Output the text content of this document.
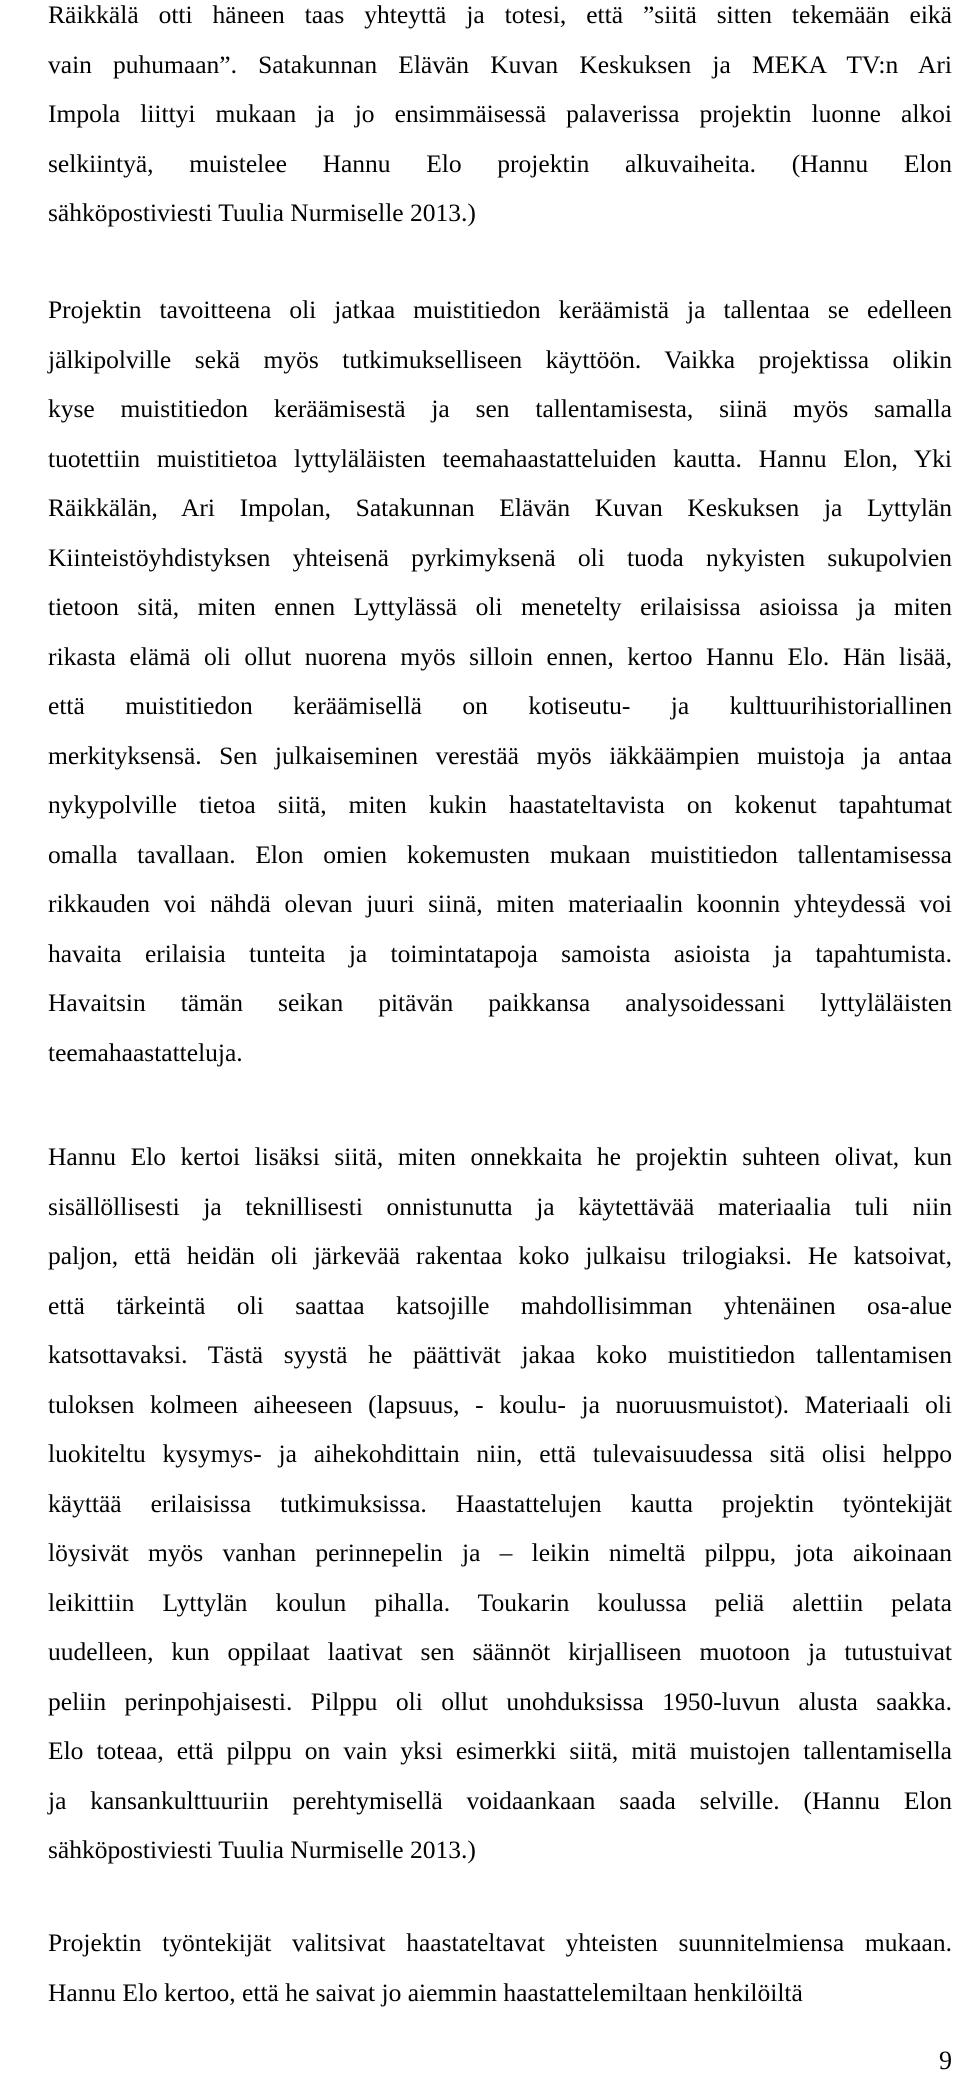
Räikkälä otti häneen taas yhteyttä ja totesi, että ”siitä sitten tekemään eikä
vain puhumaan”. Satakunnan Elävän Kuvan Keskuksen ja MEKA TV:n Ari
Impola liittyi mukaan ja jo ensimmäisessä palaverissa projektin luonne alkoi
selkiintyä, muistelee Hannu Elo projektin alkuvaiheita. (Hannu Elon
sähköpostiviesti Tuulia Nurmiselle 2013.)
Projektin tavoitteena oli jatkaa muistitiedon keräämistä ja tallentaa se edelleen
jälkipolville sekä myös tutkimukselliseen käyttöön. Vaikka projektissa olikin
kyse muistitiedon keräämisestä ja sen tallentamisesta, siinä myös samalla
tuotettiin muistitietoa lyttyläläisten teemahaastatteluiden kautta. Hannu Elon, Yki
Räikkälän, Ari Impolan, Satakunnan Elävän Kuvan Keskuksen ja Lyttylän
Kiinteistöyhdistyksen yhteisenä pyrkimyksenä oli tuoda nykyisten sukupolvien
tietoon sitä, miten ennen Lyttylässä oli menetelty erilaisissa asioissa ja miten
rikasta elämä oli ollut nuorena myös silloin ennen, kertoo Hannu Elo. Hän lisää,
että muistitiedon keräämisellä on kotiseutu- ja kulttuurihistoriallinen
merkityksensä. Sen julkaiseminen verestää myös iäkkäämpien muistoja ja antaa
nykypolville tietoa siitä, miten kukin haastateltavista on kokenut tapahtumat
omalla tavallaan. Elon omien kokemusten mukaan muistitiedon tallentamisessa
rikkauden voi nähdä olevan juuri siinä, miten materiaalin koonnin yhteydessä voi
havaita erilaisia tunteita ja toimintatapoja samoista asioista ja tapahtumista.
Havaitsin tämän seikan pitävän paikkansa analysoidessani lyttyläläisten
teemahaastatteluja.
Hannu Elo kertoi lisäksi siitä, miten onnekkaita he projektin suhteen olivat, kun
sisällöllisesti ja teknillisesti onnistunutta ja käytettävää materiaalia tuli niin
paljon, että heidän oli järkevää rakentaa koko julkaisu trilogiaksi. He katsoivat,
että tärkeintä oli saattaa katsojille mahdollisimman yhtenäinen osa-alue
katsottavaksi. Tästä syystä he päättivät jakaa koko muistitiedon tallentamisen
tuloksen kolmeen aiheeseen (lapsuus, - koulu- ja nuoruusmuistot). Materiaali oli
luokiteltu kysymys- ja aihekohdittain niin, että tulevaisuudessa sitä olisi helppo
käyttää erilaisissa tutkimuksissa. Haastattelujen kautta projektin työntekijät
löysivät myös vanhan perinnepelin ja – leikin nimeltä pilppu, jota aikoinaan
leikittiin Lyttylän koulun pihalla. Toukarin koulussa peliä alettiin pelata
uudelleen, kun oppilaat laativat sen säännöt kirjalliseen muotoon ja tutustuivat
peliin perinpohjaisesti. Pilppu oli ollut unohduksissa 1950-luvun alusta saakka.
Elo toteaa, että pilppu on vain yksi esimerkki siitä, mitä muistojen tallentamisella
ja kansankulttuuriin perehtymisellä voidaankaan saada selville. (Hannu Elon
sähköpostiviesti Tuulia Nurmiselle 2013.)
Projektin työntekijät valitsivat haastateltavat yhteisten suunnitelmiensa mukaan.
Hannu Elo kertoo, että he saivat jo aiemmin haastattelemiltaan henkilöiltä
9
